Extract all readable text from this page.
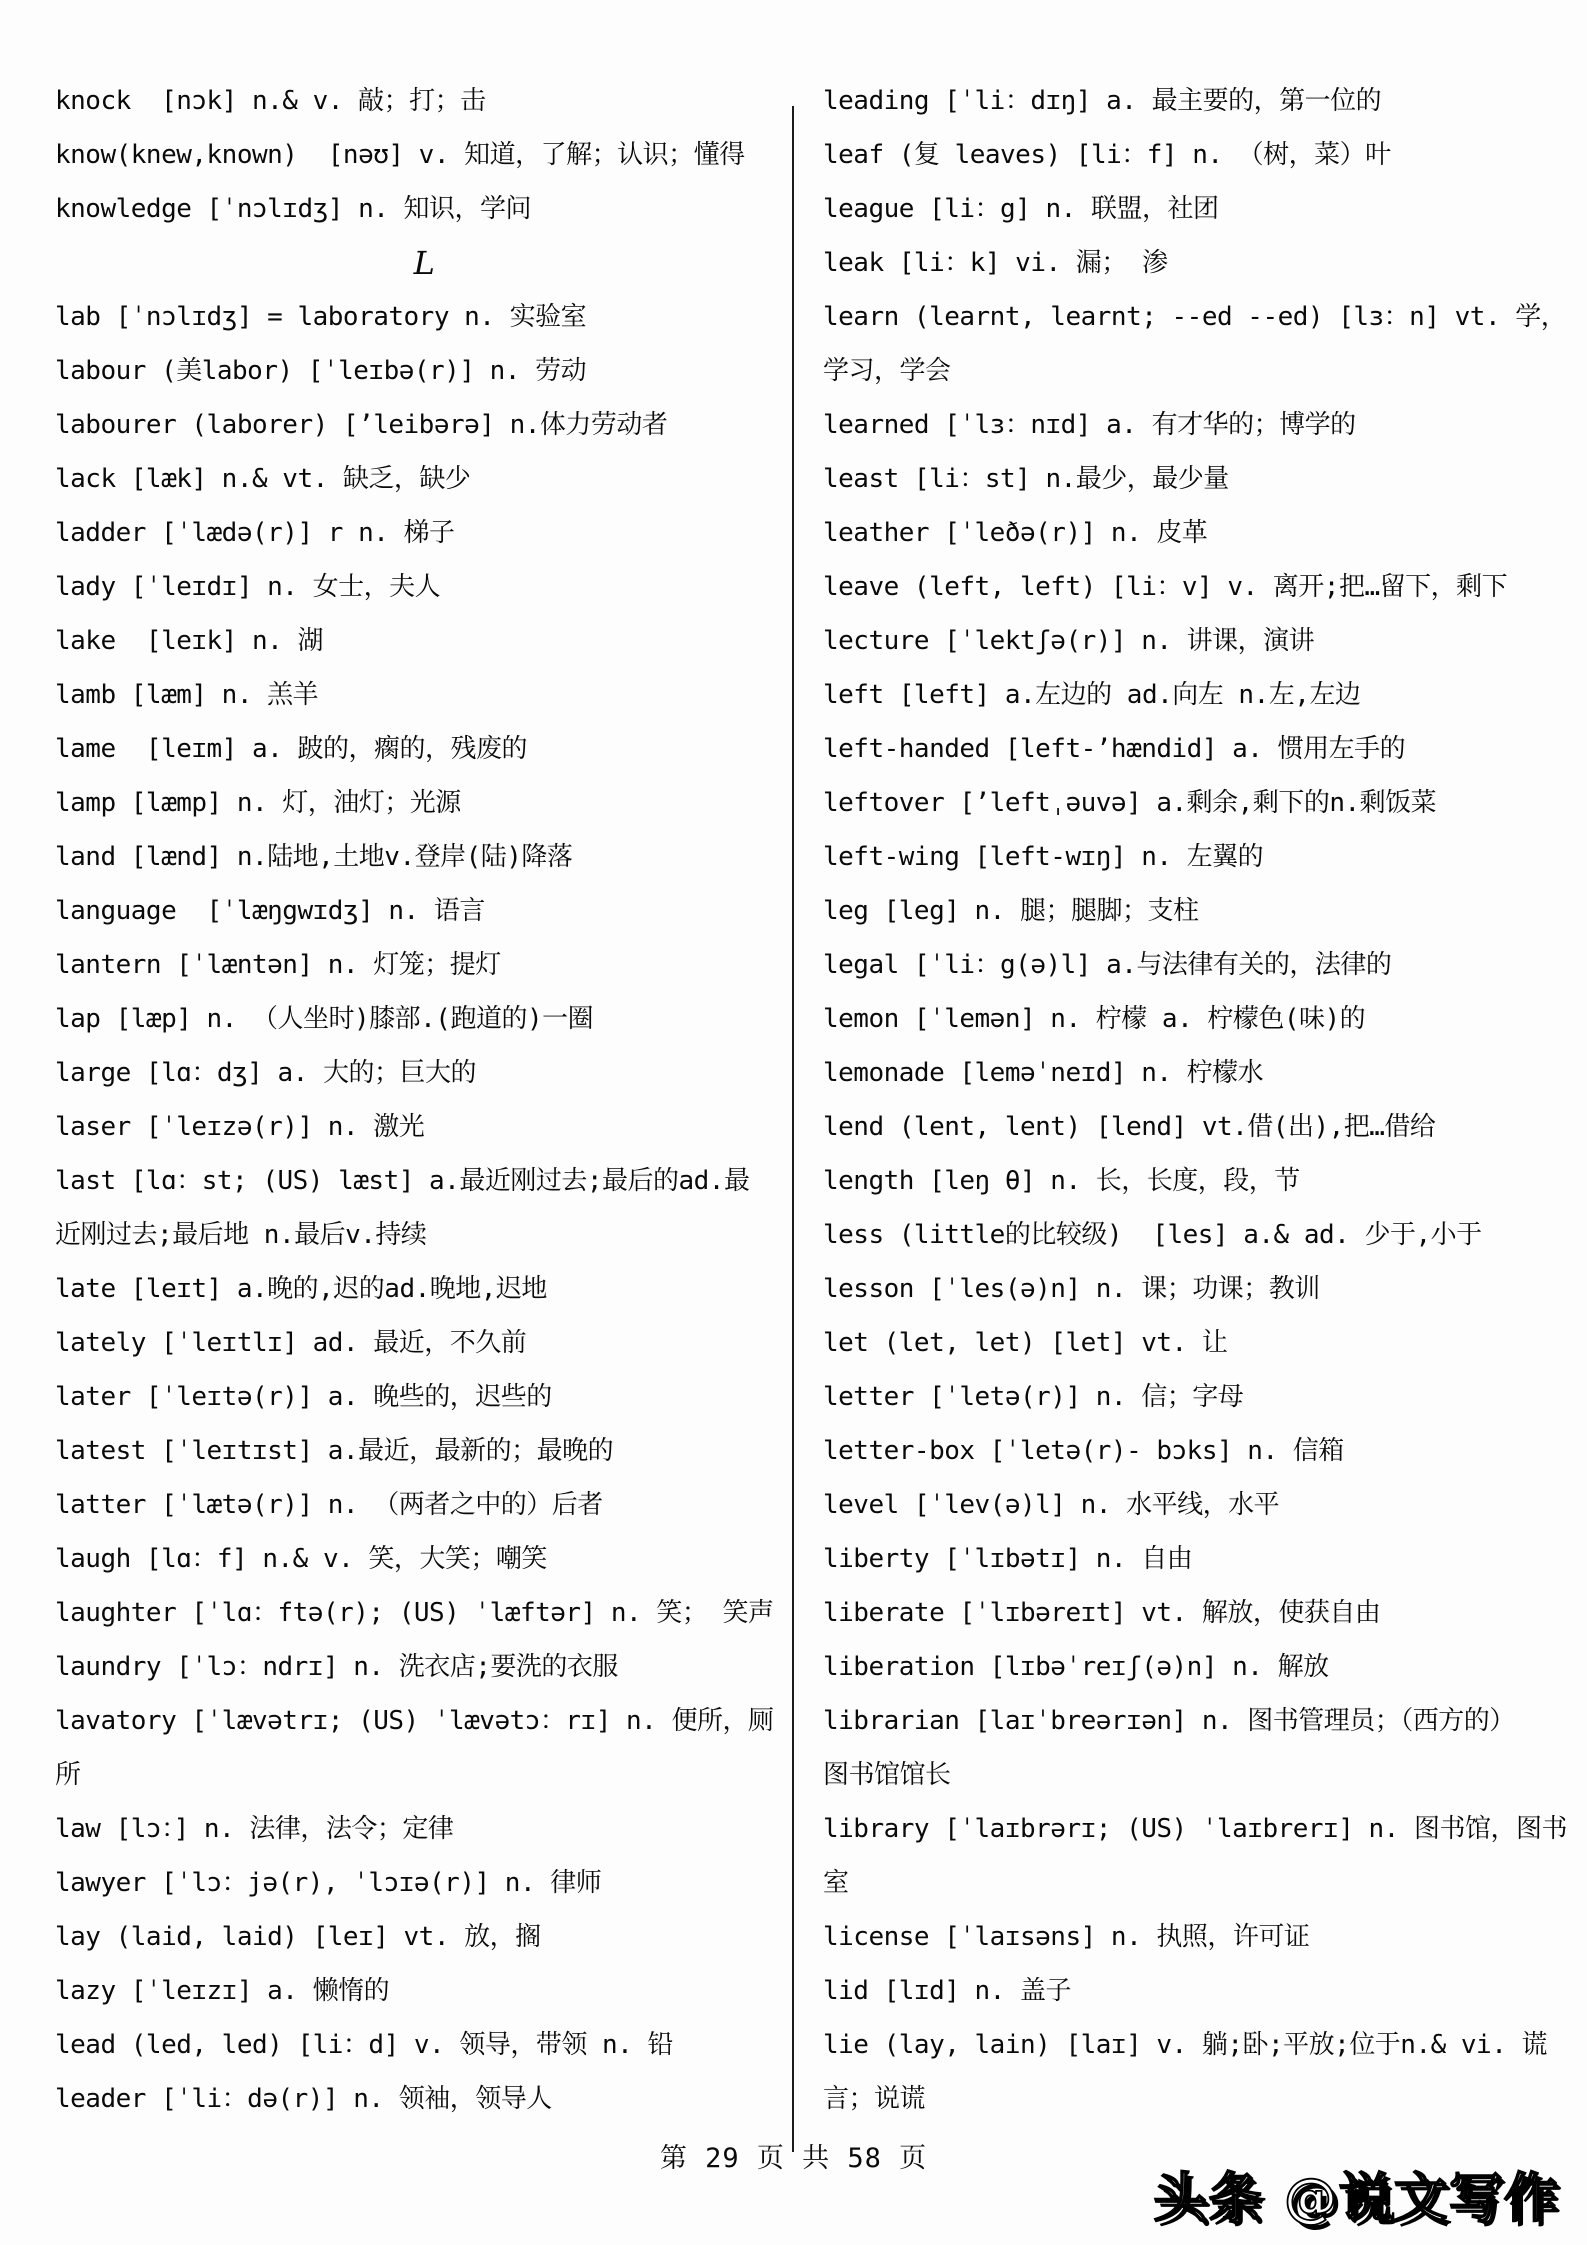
knock  [nɔk] n.& v. 敲；打；击
know(knew,known)  [nəʊ] v. 知道，了解；认识；懂得
knowledge [ˈnɔlɪdʒ] n. 知识，学问
L
lab [ˈnɔlɪdʒ] = laboratory n. 实验室
labour (美labor) [ˈleɪbə(r)] n. 劳动
labourer (laborer) [’leibərə] n.体力劳动者
lack [læk] n.& vt. 缺乏，缺少
ladder [ˈlædə(r)] r n. 梯子
lady [ˈleɪdɪ] n. 女士，夫人
lake  [leɪk] n. 湖
lamb [læm] n. 羔羊
lame  [leɪm] a. 跛的，瘸的，残废的
lamp [læmp] n. 灯，油灯；光源
land [lænd] n.陆地,土地v.登岸(陆)降落
language  [ˈlæŋgwɪdʒ] n. 语言
lantern [ˈlæntən] n. 灯笼；提灯
lap [læp] n. （人坐时)膝部.(跑道的)一圈
large [lɑ：dʒ] a. 大的；巨大的
laser [ˈleɪzə(r)] n. 激光
last [lɑ：st; (US) læst] a.最近刚过去;最后的ad.最
近刚过去;最后地 n.最后v.持续
late [leɪt] a.晚的,迟的ad.晚地,迟地
lately [ˈleɪtlɪ] ad. 最近，不久前
later [ˈleɪtə(r)] a. 晚些的，迟些的
latest [ˈleɪtɪst] a.最近，最新的；最晚的
latter [ˈlætə(r)] n. （两者之中的）后者
laugh [lɑ：f] n.& v. 笑，大笑；嘲笑
laughter [ˈlɑ：ftə(r); (US) ˈlæftər] n. 笑； 笑声
laundry [ˈlɔ：ndrɪ] n. 洗衣店;要洗的衣服
lavatory [ˈlævətrɪ; (US) ˈlævətɔ：rɪ] n. 便所，厕
所
law [lɔ：] n. 法律，法令；定律
lawyer [ˈlɔ：jə(r), ˈlɔɪə(r)] n. 律师
lay (laid, laid) [leɪ] vt. 放，搁
lazy [ˈleɪzɪ] a. 懒惰的
lead (led, led) [li：d] v. 领导，带领 n. 铅
leader [ˈli：də(r)] n. 领袖，领导人
leading [ˈli：dɪŋ] a. 最主要的，第一位的
leaf (复 leaves) [li：f] n. （树，菜）叶
league [li：g] n. 联盟，社团
leak [li：k] vi. 漏； 渗
learn (learnt, learnt; --ed --ed) [lɜ：n] vt. 学，
学习，学会
learned [ˈlɜ：nɪd] a. 有才华的；博学的
least [li：st] n.最少，最少量
leather [ˈleðə(r)] n. 皮革
leave (left, left) [li：v] v. 离开;把…留下，剩下
lecture [ˈlektʃə(r)] n. 讲课，演讲
left [left] a.左边的 ad.向左 n.左,左边
left-handed [left-’hændid] a. 惯用左手的
leftover [’leftˌəuvə] a.剩余,剩下的n.剩饭菜
left-wing [left-wɪŋ] n. 左翼的
leg [leg] n. 腿；腿脚；支柱
legal [ˈli：g(ə)l] a.与法律有关的，法律的
lemon [ˈlemən] n. 柠檬 a. 柠檬色(味)的
lemonade [leməˈneɪd] n. 柠檬水
lend (lent, lent) [lend] vt.借(出),把…借给
length [leŋ θ] n. 长，长度，段，节
less (little的比较级)  [les] a.& ad. 少于,小于
lesson [ˈles(ə)n] n. 课；功课；教训
let (let, let) [let] vt. 让
letter [ˈletə(r)] n. 信；字母
letter-box [ˈletə(r)- bɔks] n. 信箱
level [ˈlev(ə)l] n. 水平线，水平
liberty [ˈlɪbətɪ] n. 自由
liberate [ˈlɪbəreɪt] vt. 解放，使获自由
liberation [lɪbəˈreɪʃ(ə)n] n. 解放
librarian [laɪˈbreərɪən] n. 图书管理员；（西方的）
图书馆馆长
library [ˈlaɪbrərɪ; (US) ˈlaɪbrerɪ] n. 图书馆，图书
室
license [ˈlaɪsəns] n. 执照，许可证
lid [lɪd] n. 盖子
lie (lay, lain) [laɪ] v. 躺;卧;平放;位于n.& vi. 谎
言；说谎
第 29 页 共 58 页
头条 @说文写作
